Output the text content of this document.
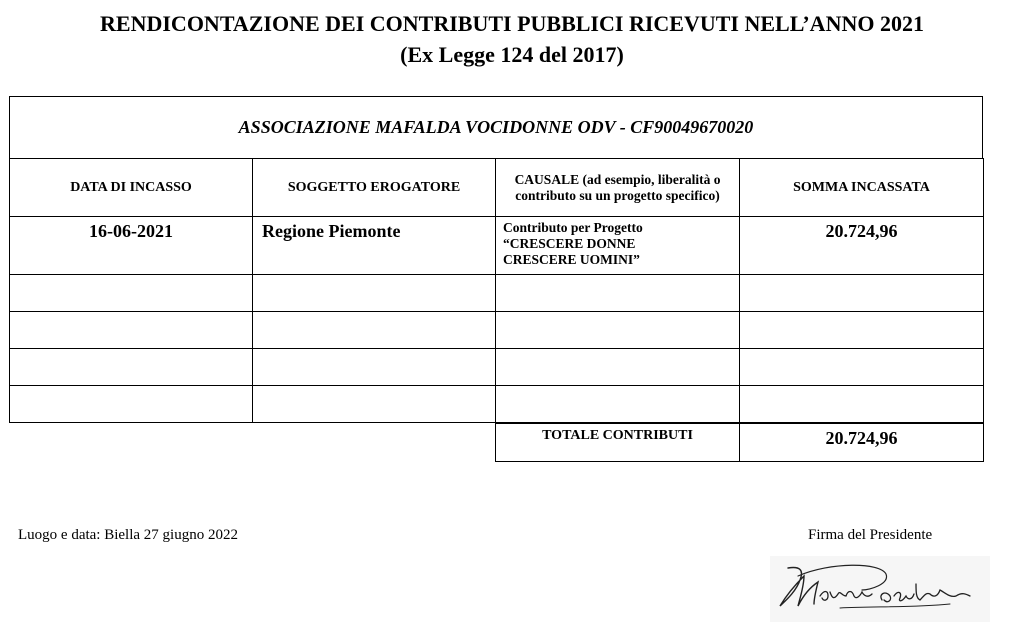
RENDICONTAZIONE DEI CONTRIBUTI PUBBLICI RICEVUTI NELL’ANNO 2021
(Ex Legge 124 del 2017)
ASSOCIAZIONE MAFALDA VOCIDONNE ODV - CF90049670020
DATA DI INCASSO	SOGGETTO EROGATORE	CAUSALE (ad esempio, liberalità o contributo su un progetto specifico)	SOMMA INCASSATA
16-06-2021	Regione Piemonte	Contributo per Progetto “CRESCERE DONNE CRESCERE UOMINI”	20.724,96

TOTALE CONTRIBUTI	20.724,96
Luogo e data: Biella 27 giugno 2022	Firma del Presidente
